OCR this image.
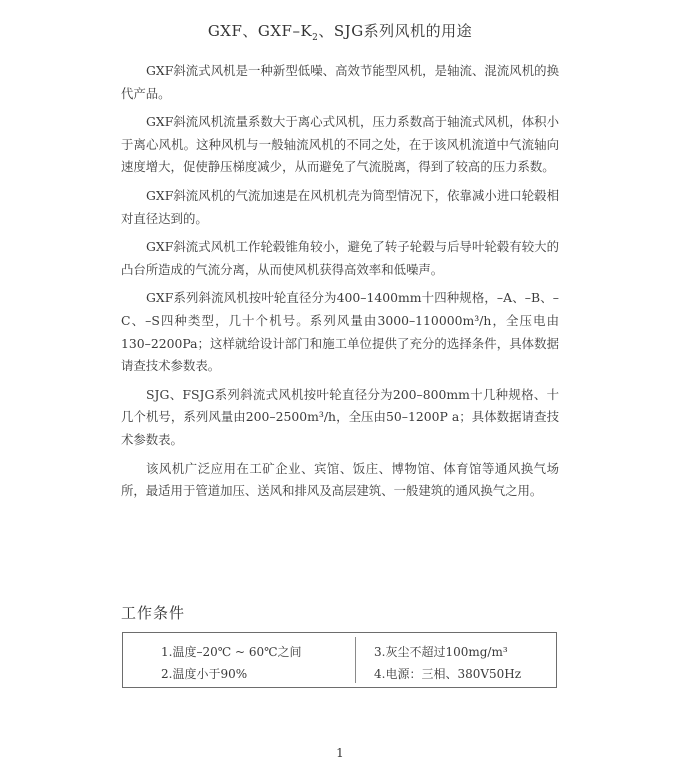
GXF、GXF–$K_2$、SJG系列风机的用途

GXF斜流式风机是一种新型低噪、高效节能型风机，是轴流、混流风机的换代产品。

GXF斜流风机流量系数大于离心式风机，压力系数高于轴流式风机，体积小于离心风机。这种风机与一般轴流风机的不同之处，在于该风机流道中气流轴向速度增大，促使静压梯度减少，从而避免了气流脱离，得到了较高的压力系数。

GXF斜流风机的气流加速是在风机机壳为筒型情况下，依靠减小进口轮毂相对直径达到的。

GXF斜流式风机工作轮毂锥角较小，避免了转子轮毂与后导叶轮毂有较大的凸台所造成的气流分离，从而使风机获得高效率和低噪声。

GXF系列斜流风机按叶轮直径分为400–1400mm十四种规格，–A、–B、–C、–S四种类型，几十个机号。系列风量由3000–110000m³/h，全压电由130–2200Pa；这样就给设计部门和施工单位提供了充分的选择条件，具体数据请查技术参数表。

SJG、FSJG系列斜流式风机按叶轮直径分为200–800mm十几种规格、十几个机号，系列风量由200–2500m³/h，全压由50–1200P a；具体数据请查技术参数表。

该风机广泛应用在工矿企业、宾馆、饭庄、博物馆、体育馆等通风换气场所，最适用于管道加压、送风和排风及高层建筑、一般建筑的通风换气之用。

工作条件
1.温度–20℃ ~ 60℃之间
2.温度小于90%
3.灰尘不超过100mg/m³
4.电源：三相、380V50Hz
1
